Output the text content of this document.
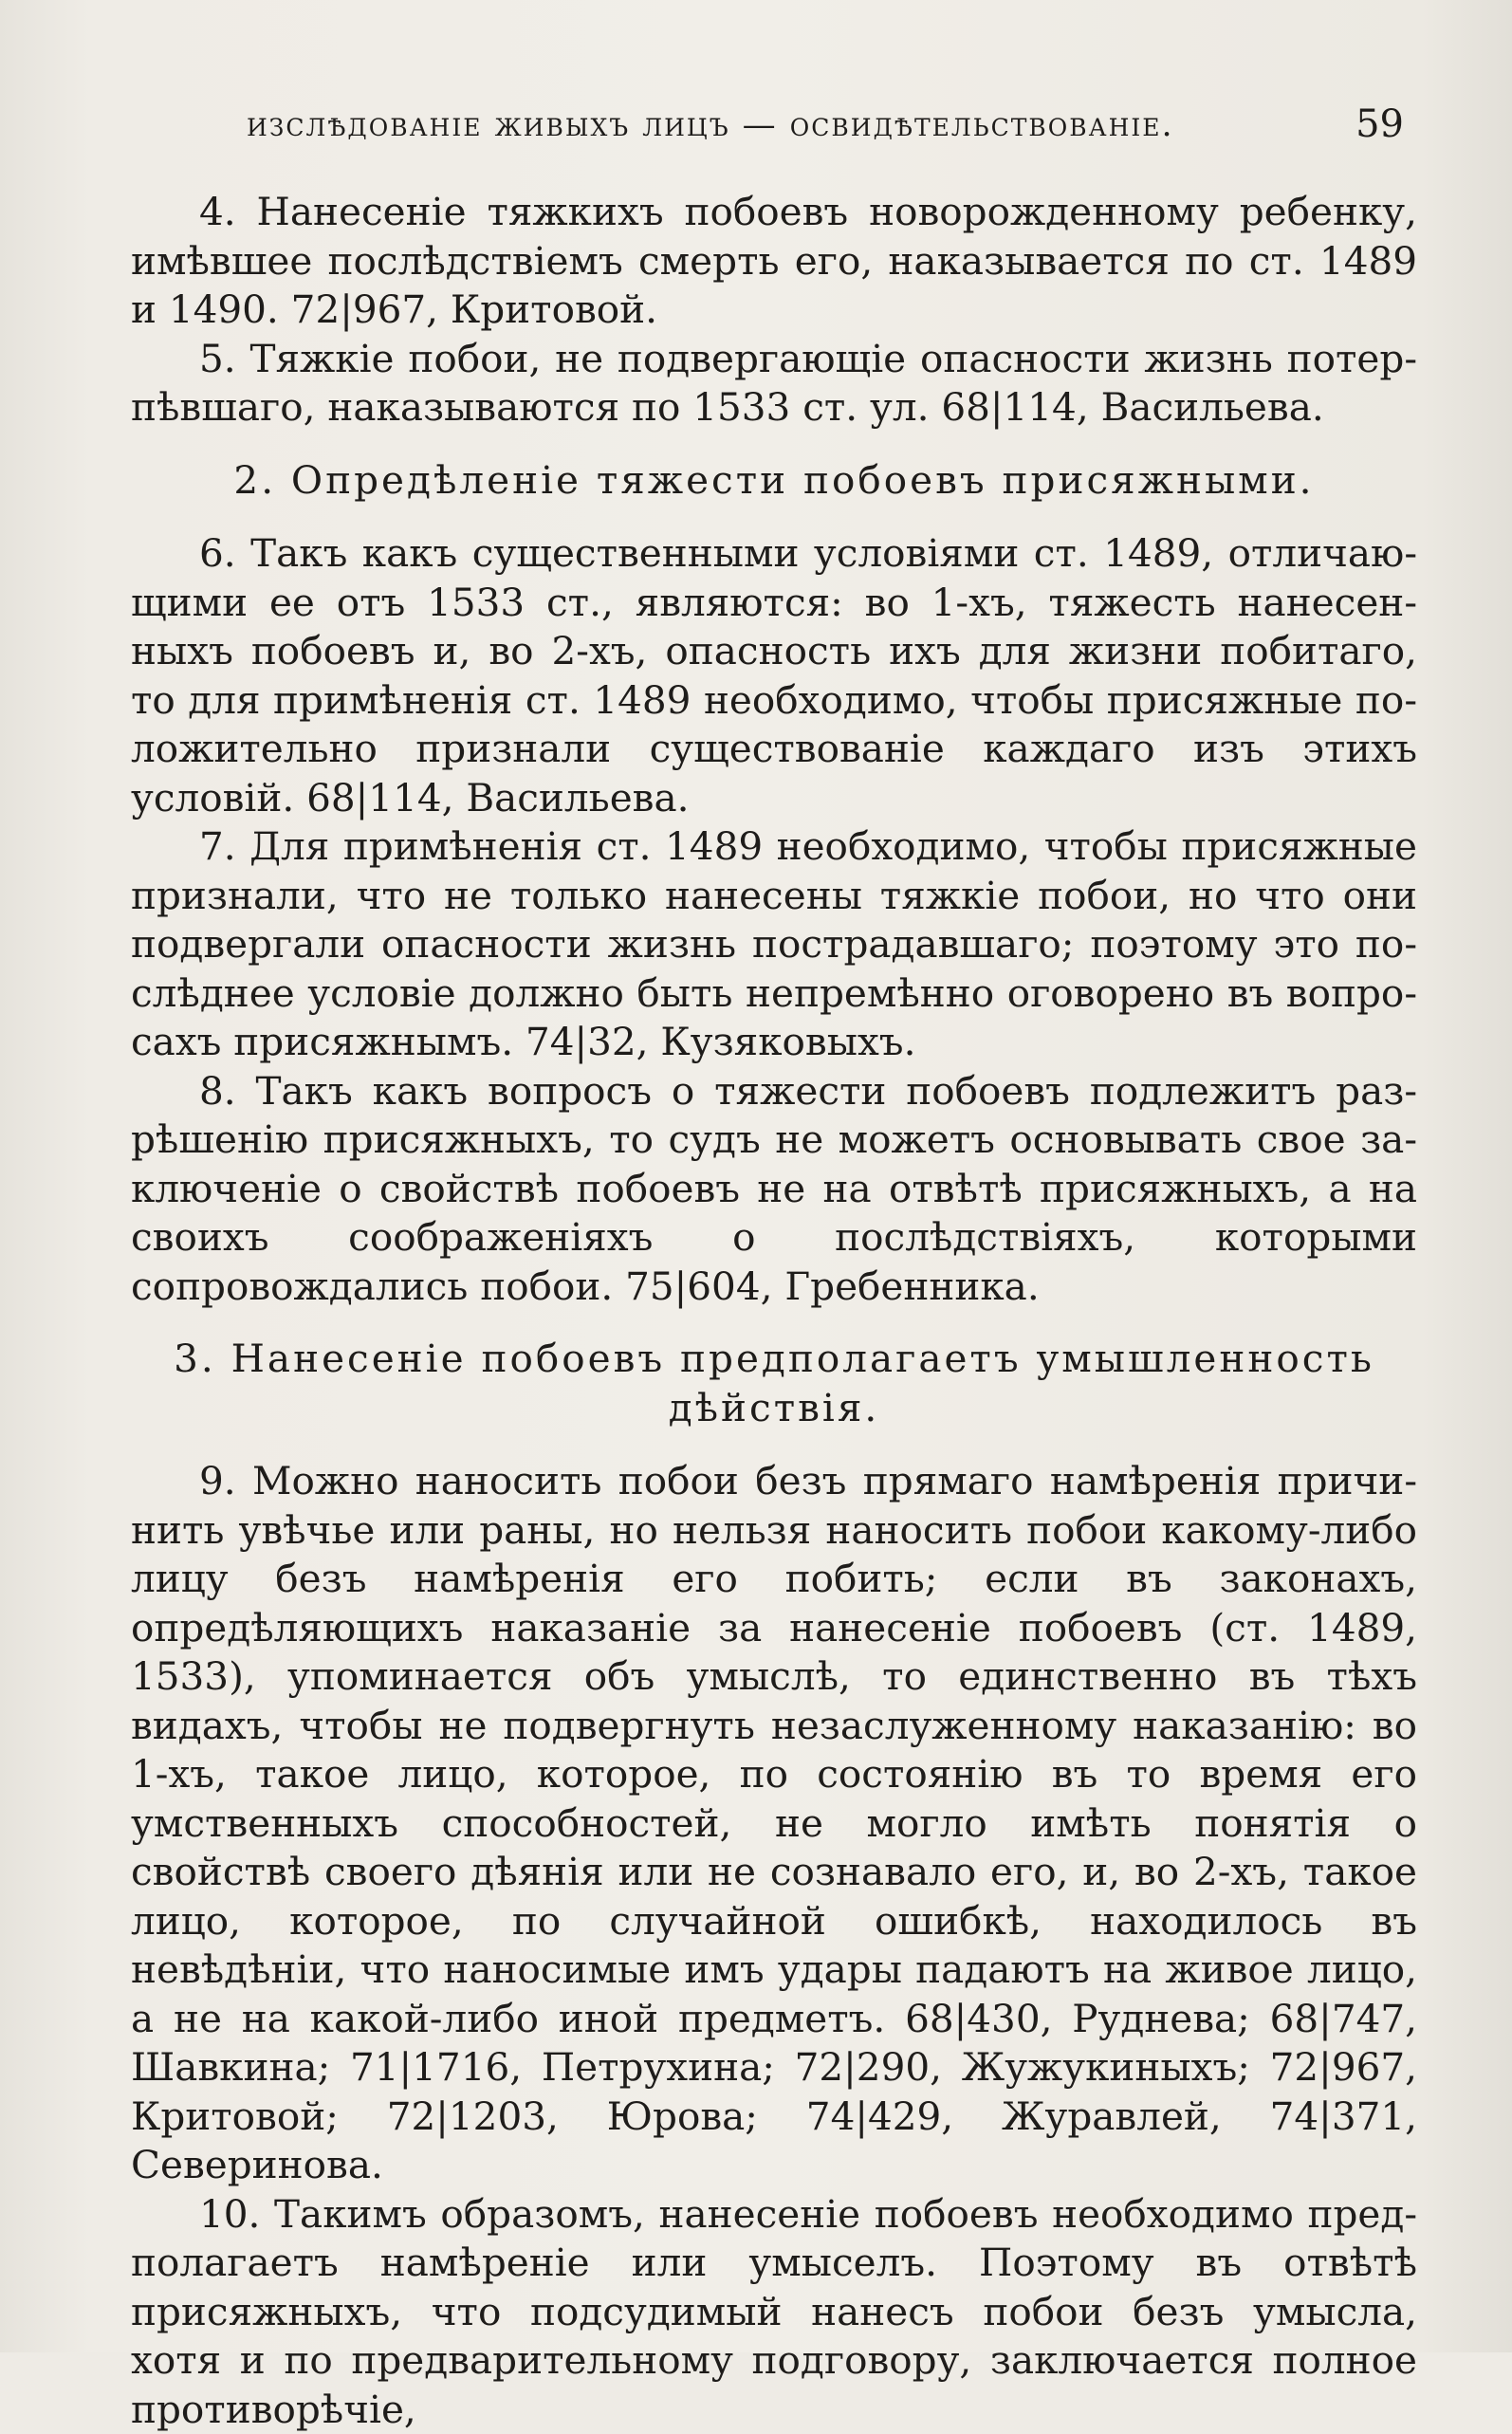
изслѣдованіе живыхъ лицъ — освидѣтельствованіе.	59

4. Нанесеніе тяжкихъ побоевъ новорожденному ребенку, имѣвшее послѣдствіемъ смерть его, наказывается по ст. 1489 и 1490. 72|967, Критовой.

5. Тяжкіе побои, не подвергающіе опасности жизнь потерпѣвшаго, наказываются по 1533 ст. ул. 68|114, Васильева.

2. Опредѣленіе тяжести побоевъ присяжными.

6. Такъ какъ существенными условіями ст. 1489, отличающими ее отъ 1533 ст., являются: во 1-хъ, тяжесть нанесенныхъ побоевъ и, во 2-хъ, опасность ихъ для жизни побитаго, то для примѣненія ст. 1489 необходимо, чтобы присяжные положительно признали существованіе каждаго изъ этихъ условій. 68|114, Васильева.

7. Для примѣненія ст. 1489 необходимо, чтобы присяжные признали, что не только нанесены тяжкіе побои, но что они подвергали опасности жизнь пострадавшаго; поэтому это послѣднее условіе должно быть непремѣнно оговорено въ вопросахъ присяжнымъ. 74|32, Кузяковыхъ.

8. Такъ какъ вопросъ о тяжести побоевъ подлежитъ разрѣшенію присяжныхъ, то судъ не можетъ основывать свое заключеніе о свойствѣ побоевъ не на отвѣтѣ присяжныхъ, а на своихъ соображеніяхъ о послѣдствіяхъ, которыми сопровождaлись побои. 75|604, Гребенника.

3. Нанесеніе побоевъ предполагаетъ умышленность дѣйствія.

9. Можно наносить побои безъ прямаго намѣренія причинить увѣчье или раны, но нельзя наносить побои какому-либо лицу безъ намѣренія его побить; если въ законахъ, опредѣляющихъ наказаніе за нанесеніе побоевъ (ст. 1489, 1533), упоминается объ умыслѣ, то единственно въ тѣхъ видахъ, чтобы не подвергнуть незаслуженному наказанію: во 1-хъ, такое лицо, которое, по состоянію въ то время его умственныхъ способностей, не могло имѣть понятія о свойствѣ своего дѣянія или не сознавало его, и, во 2-хъ, такое лицо, которое, по случайной ошибкѣ, находилось въ невѣдѣніи, что наносимые имъ удары падаютъ на живое лицо, а не на какой-либо иной предметъ. 68|430, Руднева; 68|747, Шавкина; 71|1716, Петрухина; 72|290, Жужукиныхъ; 72|967, Критовой; 72|1203, Юрова; 74|429, Журавлей, 74|371, Северинова.

10. Такимъ образомъ, нанесеніе побоевъ необходимо предполагаетъ намѣреніе или умыселъ. Поэтому въ отвѣтѣ присяжныхъ, что подсудимый нанесъ побои безъ умысла, хотя и по предварительному подговору, заключается полное противорѣчіе,
